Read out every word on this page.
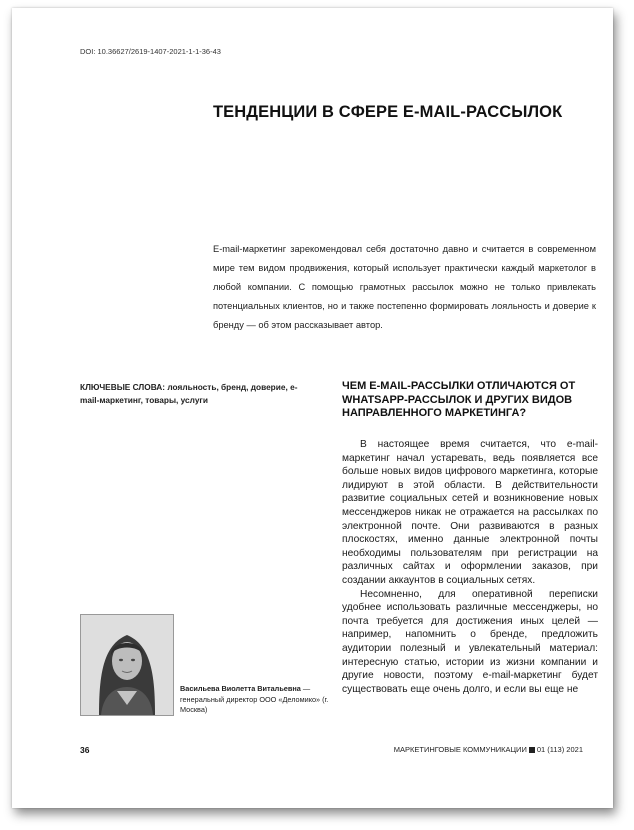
DOI: 10.36627/2619-1407-2021-1-1-36-43
ТЕНДЕНЦИИ В СФЕРЕ E-MAIL-РАССЫЛОК

E-mail-маркетинг зарекомендовал себя достаточно давно и считается в современном мире тем видом продвижения, который использует практически каждый маркетолог в любой компании. С помощью грамотных рассылок можно не только привлекать потенциальных клиентов, но и также постепенно формировать лояльность и доверие к бренду — об этом рассказывает автор.

КЛЮЧЕВЫЕ СЛОВА: лояльность, бренд, доверие, e-mail-маркетинг, товары, услуги

ЧЕМ E-MAIL-РАССЫЛКИ ОТЛИЧАЮТСЯ ОТ WHATSAPP-РАССЫЛОК И ДРУГИХ ВИДОВ НАПРАВЛЕННОГО МАРКЕТИНГА?

В настоящее время считается, что e-mail-маркетинг начал устаревать, ведь появляется все больше новых видов цифрового маркетинга, которые лидируют в этой области. В действительности развитие социальных сетей и возникновение новых мессенджеров никак не отражается на рассылках по электронной почте. Они развиваются в разных плоскостях, именно данные электронной почты необходимы пользователям при регистрации на различных сайтах и оформлении заказов, при создании аккаунтов в социальных сетях.

Несомненно, для оперативной переписки удобнее использовать различные мессенджеры, но почта требуется для достижения иных целей — например, напомнить о бренде, предложить аудитории полезный и увлекательный материал: интересную статью, истории из жизни компании и другие новости, поэтому e-mail-маркетинг будет существовать еще очень долго, и если вы еще не

Васильева Виолетта Витальевна — генеральный директор ООО «Деломико» (г. Москва)

36	МАРКЕТИНГОВЫЕ КОММУНИКАЦИИ 01 (113) 2021
